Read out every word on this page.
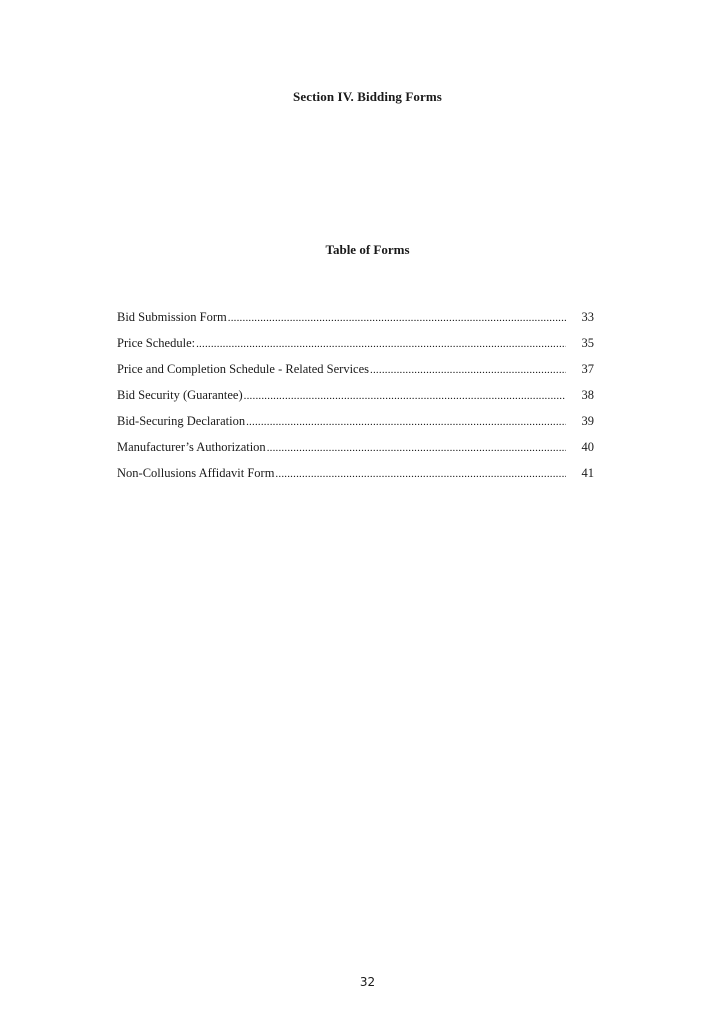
Section IV. Bidding Forms
Table of Forms
Bid Submission Form .....	33
Price Schedule: .....	35
Price and Completion Schedule - Related Services .....	37
Bid Security (Guarantee) .....	38
Bid-Securing Declaration .....	39
Manufacturer’s Authorization .....	40
Non-Collusions Affidavit Form .....	41
32
